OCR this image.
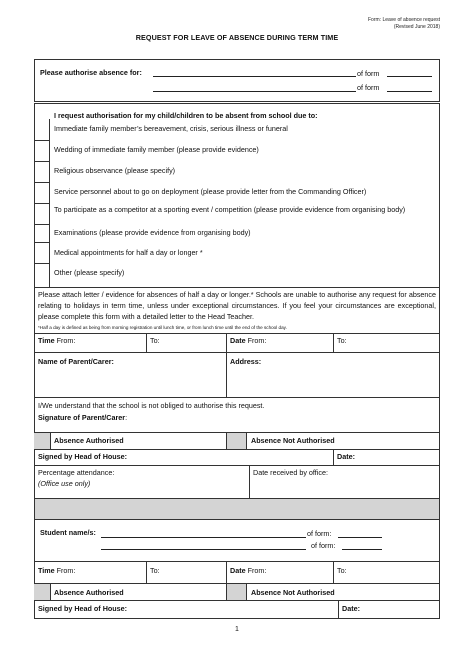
Form: Leave of absence request
(Revised June 2018)
REQUEST FOR LEAVE OF ABSENCE DURING TERM TIME
Please authorise absence for:	of form
of form
I request authorisation for my child/children to be absent from school due to:
Immediate family member’s bereavement, crisis, serious illness or funeral
Wedding of immediate family member (please provide evidence)
Religious observance (please specify)
Service personnel about to go on deployment (please provide letter from the Commanding Officer)
To participate as a competitor at a sporting event / competition (please provide evidence from organising body)
Examinations (please provide evidence from organising body)
Medical appointments for half a day or longer *
Other (please specify)
Please attach letter / evidence for absences of half a day or longer.* Schools are unable to authorise any request for absence relating to holidays in term time, unless under exceptional circumstances. If you feel your circumstances are exceptional, please complete this form with a detailed letter to the Head Teacher.
*Half a day is defined as being from morning registration until lunch time, or from lunch time until the end of the school day.
Time From:	To:	Date From:	To:
Name of Parent/Carer:	Address:
I/We understand that the school is not obliged to authorise this request.
Signature of Parent/Carer:
Absence Authorised	Absence Not Authorised
Signed by Head of House:	Date:
Percentage attendance:
(Office use only)
Date received by office:
Student name/s:	of form:
of form:
Time From:	To:	Date From:	To:
Absence Authorised	Absence Not Authorised
Signed by Head of House:	Date:
1
